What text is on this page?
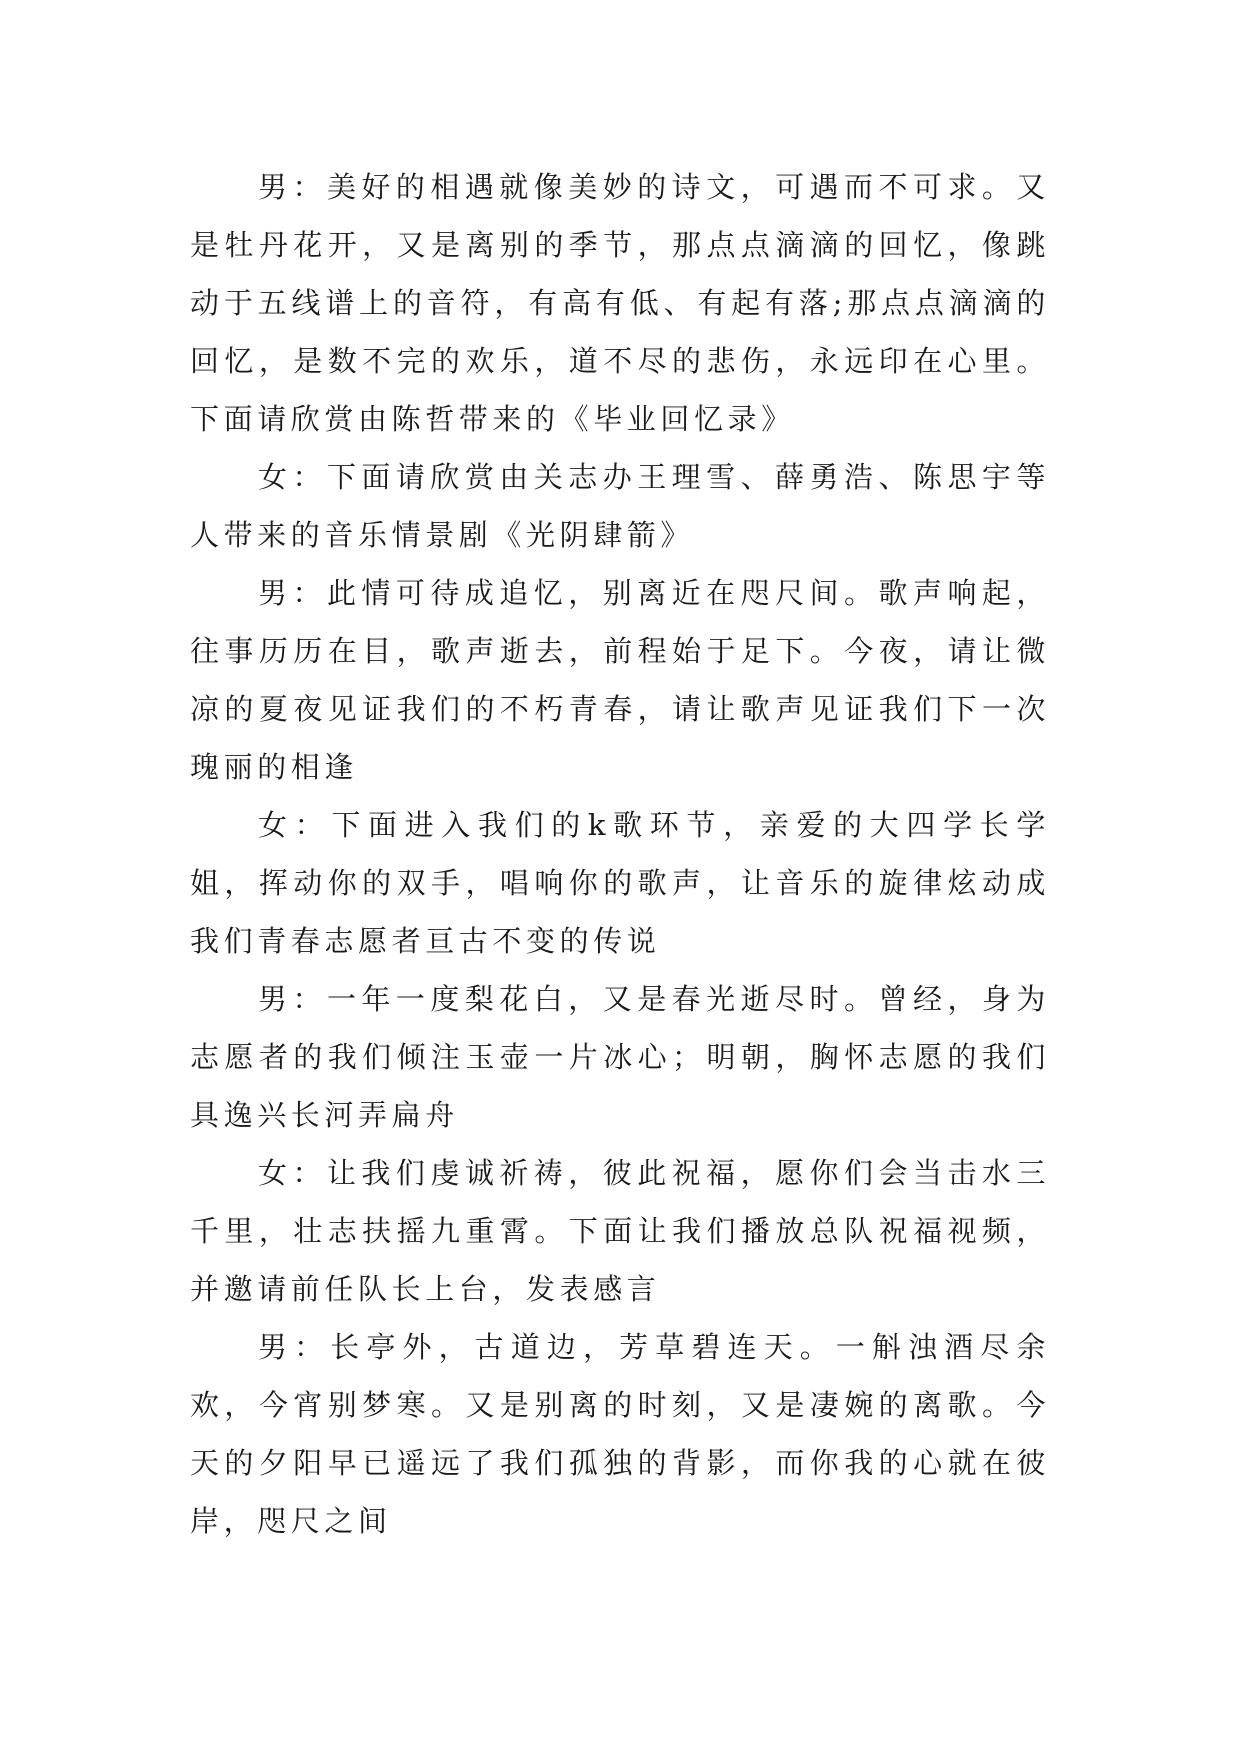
男：美好的相遇就像美妙的诗文，可遇而不可求。又是牡丹花开，又是离别的季节，那点点滴滴的回忆，像跳动于五线谱上的音符，有高有低、有起有落;那点点滴滴的回忆，是数不完的欢乐，道不尽的悲伤，永远印在心里。下面请欣赏由陈哲带来的《毕业回忆录》

女：下面请欣赏由关志办王理雪、薛勇浩、陈思宇等人带来的音乐情景剧《光阴肆箭》

男：此情可待成追忆，别离近在咫尺间。歌声响起，往事历历在目，歌声逝去，前程始于足下。今夜，请让微凉的夏夜见证我们的不朽青春，请让歌声见证我们下一次瑰丽的相逢

女：下面进入我们的k歌环节，亲爱的大四学长学姐，挥动你的双手，唱响你的歌声，让音乐的旋律炫动成我们青春志愿者亘古不变的传说

男：一年一度梨花白，又是春光逝尽时。曾经，身为志愿者的我们倾注玉壶一片冰心；明朝，胸怀志愿的我们具逸兴长河弄扁舟

女：让我们虔诚祈祷，彼此祝福，愿你们会当击水三千里，壮志扶摇九重霄。下面让我们播放总队祝福视频，并邀请前任队长上台，发表感言

男：长亭外，古道边，芳草碧连天。一斛浊酒尽余欢，今宵别梦寒。又是别离的时刻，又是凄婉的离歌。今天的夕阳早已遥远了我们孤独的背影，而你我的心就在彼岸，咫尺之间
